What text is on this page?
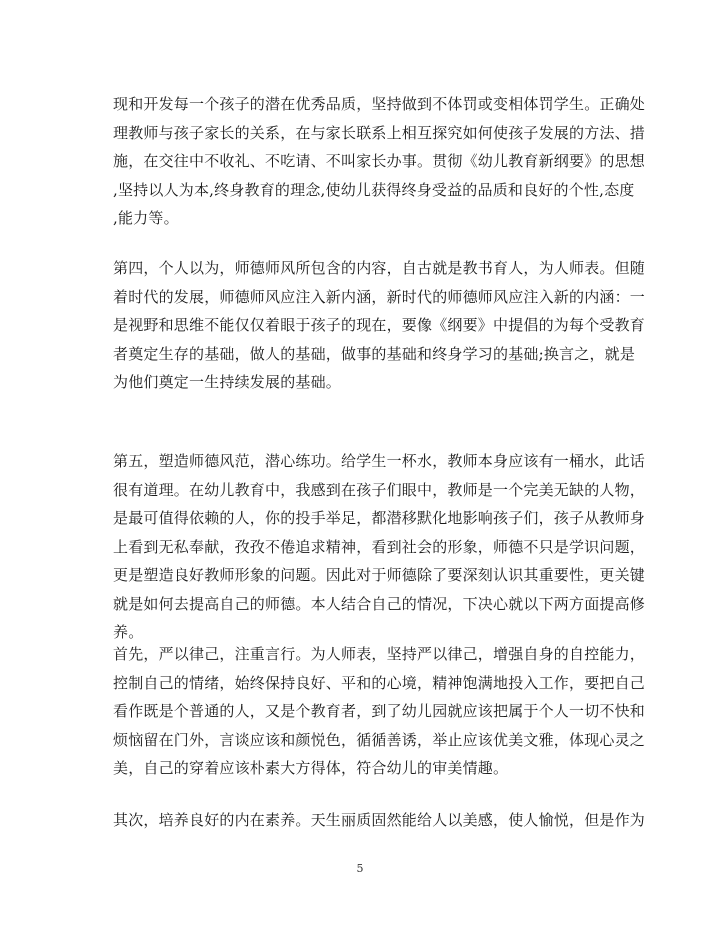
现和开发每一个孩子的潜在优秀品质，坚持做到不体罚或变相体罚学生。正确处
理教师与孩子家长的关系，在与家长联系上相互探究如何使孩子发展的方法、措
施，在交往中不收礼、不吃请、不叫家长办事。贯彻《幼儿教育新纲要》的思想
,坚持以人为本,终身教育的理念,使幼儿获得终身受益的品质和良好的个性,态度
,能力等。
第四，个人以为，师德师风所包含的内容，自古就是教书育人，为人师表。但随
着时代的发展，师德师风应注入新内涵，新时代的师德师风应注入新的内涵：一
是视野和思维不能仅仅着眼于孩子的现在，要像《纲要》中提倡的为每个受教育
者奠定生存的基础，做人的基础，做事的基础和终身学习的基础;换言之，就是
为他们奠定一生持续发展的基础。
第五，塑造师德风范，潜心练功。给学生一杯水，教师本身应该有一桶水，此话
很有道理。在幼儿教育中，我感到在孩子们眼中，教师是一个完美无缺的人物，
是最可值得依赖的人，你的投手举足，都潜移默化地影响孩子们，孩子从教师身
上看到无私奉献，孜孜不倦追求精神，看到社会的形象，师德不只是学识问题，
更是塑造良好教师形象的问题。因此对于师德除了要深刻认识其重要性，更关键
就是如何去提高自己的师德。本人结合自己的情况，下决心就以下两方面提高修
养。
首先，严以律己，注重言行。为人师表，坚持严以律己，增强自身的自控能力，
控制自己的情绪，始终保持良好、平和的心境，精神饱满地投入工作，要把自己
看作既是个普通的人，又是个教育者，到了幼儿园就应该把属于个人一切不快和
烦恼留在门外，言谈应该和颜悦色，循循善诱，举止应该优美文雅，体现心灵之
美，自己的穿着应该朴素大方得体，符合幼儿的审美情趣。
其次，培养良好的内在素养。天生丽质固然能给人以美感，使人愉悦，但是作为
5
